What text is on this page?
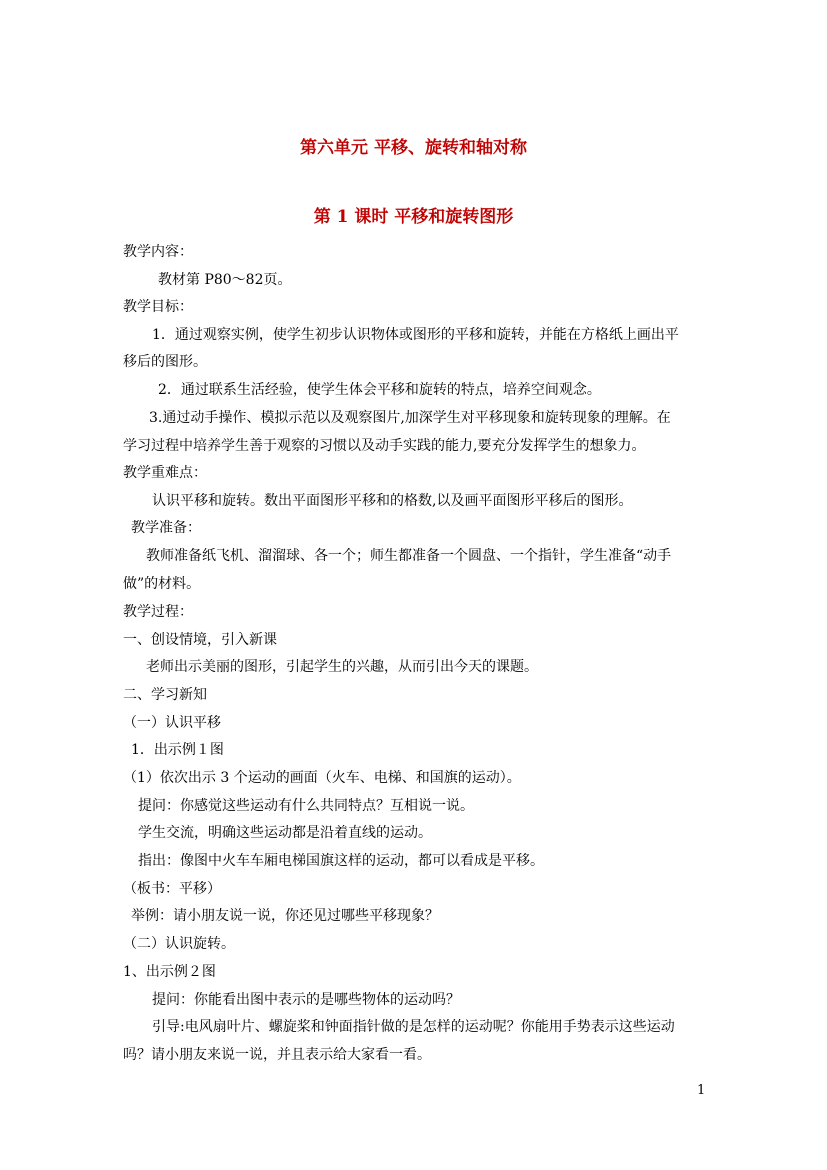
第六单元 平移、旋转和轴对称
第 1 课时 平移和旋转图形
教学内容：
教材第 P80～82页。
教学目标：
1．通过观察实例，使学生初步认识物体或图形的平移和旋转，并能在方格纸上画出平
移后的图形。
2．通过联系生活经验，使学生体会平移和旋转的特点，培养空间观念。
3.通过动手操作、模拟示范以及观察图片,加深学生对平移现象和旋转现象的理解。在
学习过程中培养学生善于观察的习惯以及动手实践的能力,要充分发挥学生的想象力。
教学重难点：
认识平移和旋转。数出平面图形平移和的格数,以及画平面图形平移后的图形。
教学准备：
教师准备纸飞机、溜溜球、各一个；师生都准备一个圆盘、一个指针，学生准备“动手
做”的材料。
教学过程：
一、创设情境，引入新课
老师出示美丽的图形，引起学生的兴趣，从而引出今天的课题。
二、学习新知
（一）认识平移
1．出示例１图
（1）依次出示 3 个运动的画面（火车、电梯、和国旗的运动）。
提问：你感觉这些运动有什么共同特点？互相说一说。
学生交流，明确这些运动都是沿着直线的运动。
指出：像图中火车车厢电梯国旗这样的运动，都可以看成是平移。
（板书：平移）
举例：请小朋友说一说，你还见过哪些平移现象？
（二）认识旋转。
1、出示例２图
提问：你能看出图中表示的是哪些物体的运动吗？
引导:电风扇叶片、螺旋桨和钟面指针做的是怎样的运动呢？你能用手势表示这些运动
吗？请小朋友来说一说，并且表示给大家看一看。
1
